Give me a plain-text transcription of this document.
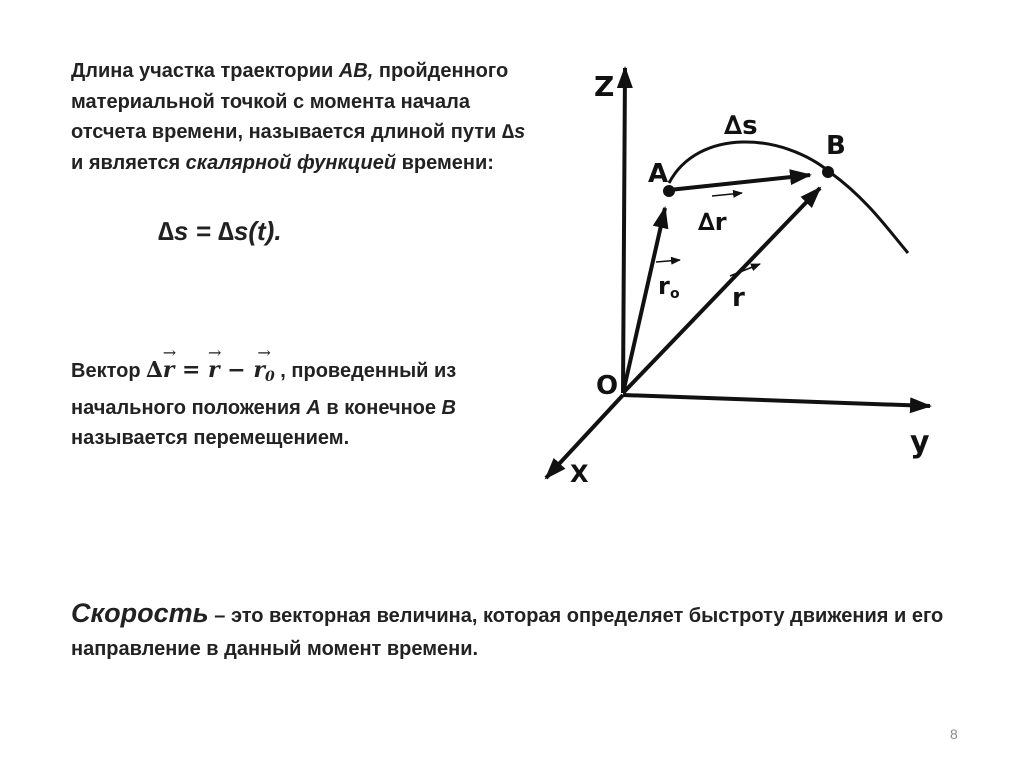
Длина участка траектории АВ, пройденного материальной точкой с момента начала отсчета времени, называется длиной пути ∆s и является скалярной функцией времени:
∆s = ∆s(t).
Вектор ∆→ r = → r − → r0 , проведенный из начального положения А в конечное В называется перемещением.
Скорость – это векторная величина, которая определяет быстроту движения и его направление в данный момент времени.
Z
y
X
O
A
B
∆s
∆r
r o r
8
